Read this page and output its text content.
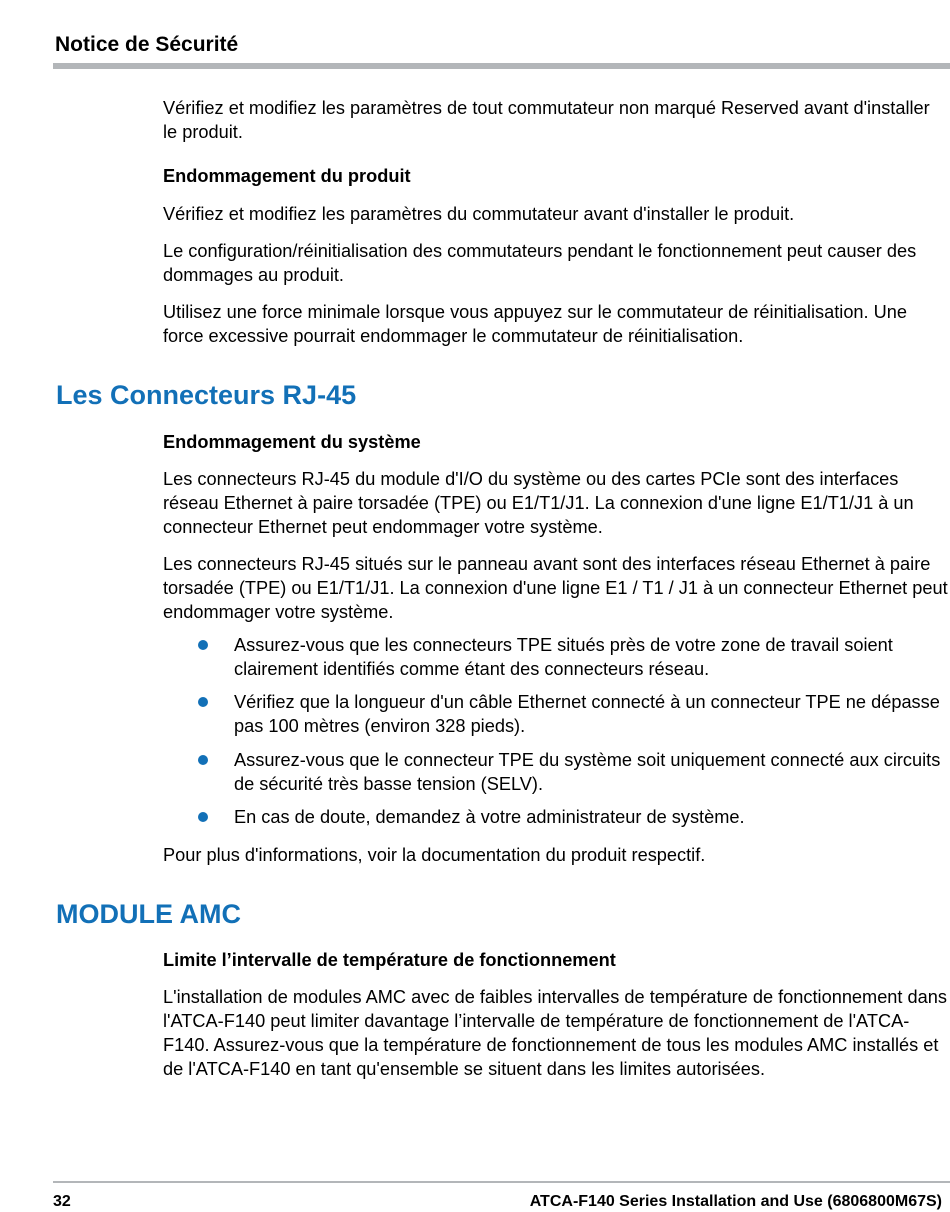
Notice de Sécurité

Vérifiez et modifiez les paramètres de tout commutateur non marqué Reserved avant d'installer le produit.

Endommagement du produit

Vérifiez et modifiez les paramètres du commutateur avant d'installer le produit.

Le configuration/réinitialisation des commutateurs pendant le fonctionnement peut causer des dommages au produit.

Utilisez une force minimale lorsque vous appuyez sur le commutateur de réinitialisation. Une force excessive pourrait endommager le commutateur de réinitialisation.

Les Connecteurs RJ-45

Endommagement du système

Les connecteurs RJ-45 du module d'I/O du système ou des cartes PCIe sont des interfaces réseau Ethernet à paire torsadée (TPE) ou E1/T1/J1. La connexion d'une ligne E1/T1/J1 à un connecteur Ethernet peut endommager votre système.

Les connecteurs RJ-45 situés sur le panneau avant sont des interfaces réseau Ethernet à paire torsadée (TPE) ou E1/T1/J1. La connexion d'une ligne E1 / T1 / J1 à un connecteur Ethernet peut endommager votre système.

Assurez-vous que les connecteurs TPE situés près de votre zone de travail soient clairement identifiés comme étant des connecteurs réseau.
Vérifiez que la longueur d'un câble Ethernet connecté à un connecteur TPE ne dépasse pas 100 mètres (environ 328 pieds).
Assurez-vous que le connecteur TPE du système soit uniquement connecté aux circuits de sécurité très basse tension (SELV).
En cas de doute, demandez à votre administrateur de système.

Pour plus d'informations, voir la documentation du produit respectif.

MODULE AMC

Limite l’intervalle de température de fonctionnement

L'installation de modules AMC avec de faibles intervalles de température de fonctionnement dans l'ATCA-F140 peut limiter davantage l’intervalle de température de fonctionnement de l'ATCA-F140. Assurez-vous que la température de fonctionnement de tous les modules AMC installés et de l'ATCA-F140 en tant qu'ensemble se situent dans les limites autorisées.

32	ATCA-F140 Series Installation and Use (6806800M67S)
